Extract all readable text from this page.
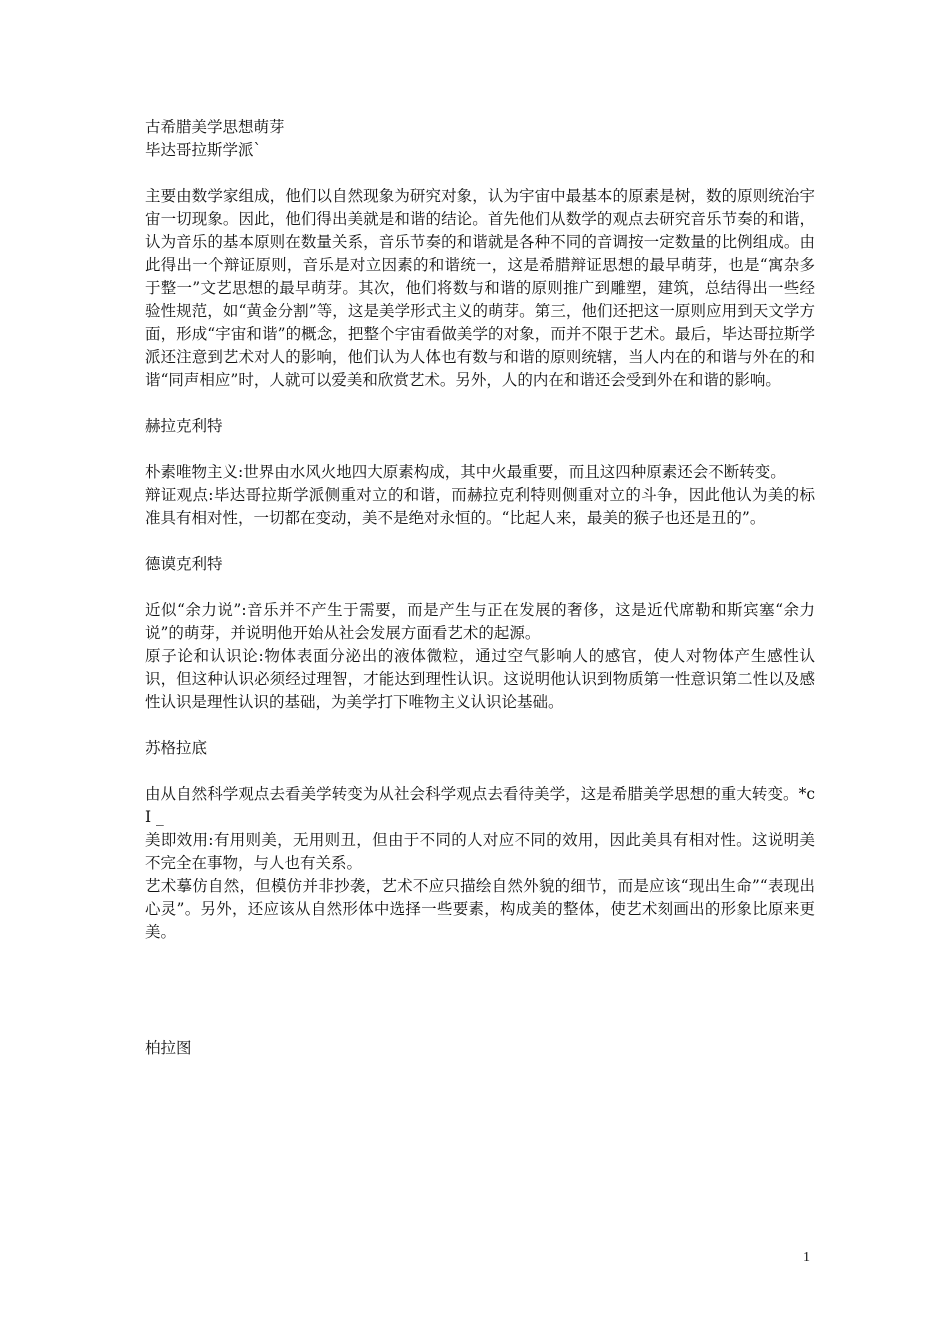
古希腊美学思想萌芽

毕达哥拉斯学派`

主要由数学家组成，他们以自然现象为研究对象，认为宇宙中最基本的原素是树，数的原则统治宇宙一切现象。因此，他们得出美就是和谐的结论。首先他们从数学的观点去研究音乐节奏的和谐，认为音乐的基本原则在数量关系，音乐节奏的和谐就是各种不同的音调按一定数量的比例组成。由此得出一个辩证原则，音乐是对立因素的和谐统一，这是希腊辩证思想的最早萌芽，也是“寓杂多于整一”文艺思想的最早萌芽。其次，他们将数与和谐的原则推广到雕塑，建筑，总结得出一些经验性规范，如“黄金分割”等，这是美学形式主义的萌芽。第三，他们还把这一原则应用到天文学方面，形成“宇宙和谐”的概念，把整个宇宙看做美学的对象，而并不限于艺术。最后，毕达哥拉斯学派还注意到艺术对人的影响，他们认为人体也有数与和谐的原则统辖，当人内在的和谐与外在的和谐“同声相应”时，人就可以爱美和欣赏艺术。另外，人的内在和谐还会受到外在和谐的影响。

赫拉克利特

朴素唯物主义:世界由水风火地四大原素构成，其中火最重要，而且这四种原素还会不断转变。

辩证观点:毕达哥拉斯学派侧重对立的和谐，而赫拉克利特则侧重对立的斗争，因此他认为美的标准具有相对性，一切都在变动，美不是绝对永恒的。“比起人来，最美的猴子也还是丑的”。

德谟克利特

近似“余力说”:音乐并不产生于需要，而是产生与正在发展的奢侈，这是近代席勒和斯宾塞“余力说”的萌芽，并说明他开始从社会发展方面看艺术的起源。

原子论和认识论:物体表面分泌出的液体微粒，通过空气影响人的感官，使人对物体产生感性认识，但这种认识必须经过理智，才能达到理性认识。这说明他认识到物质第一性意识第二性以及感性认识是理性认识的基础，为美学打下唯物主义认识论基础。

苏格拉底

由从自然科学观点去看美学转变为从社会科学观点去看待美学，这是希腊美学思想的重大转变。*c I _

美即效用:有用则美，无用则丑，但由于不同的人对应不同的效用，因此美具有相对性。这说明美不完全在事物，与人也有关系。

艺术摹仿自然，但模仿并非抄袭，艺术不应只描绘自然外貌的细节，而是应该“现出生命”“表现出心灵”。另外，还应该从自然形体中选择一些要素，构成美的整体，使艺术刻画出的形象比原来更美。

柏拉图

1
